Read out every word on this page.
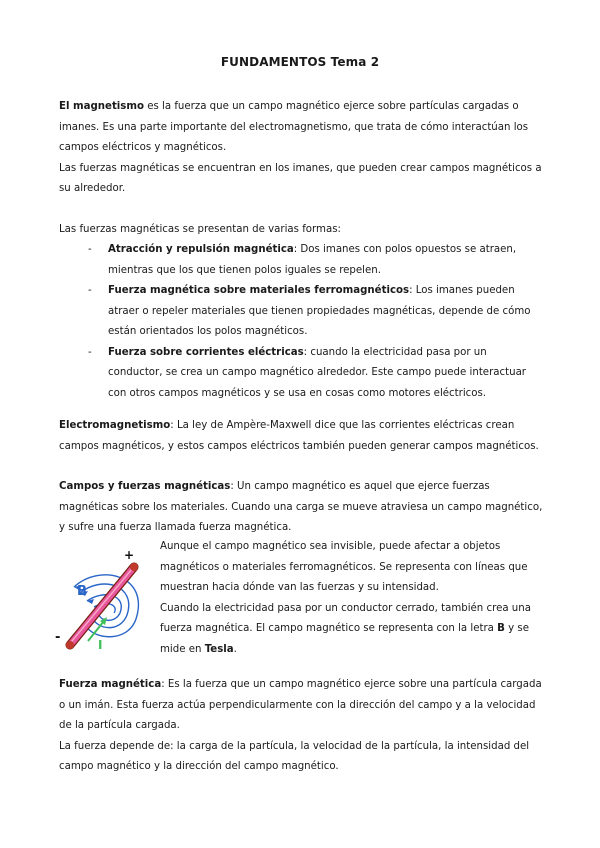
FUNDAMENTOS Tema 2
El magnetismo es la fuerza que un campo magnético ejerce sobre partículas cargadas o imanes. Es una parte importante del electromagnetismo, que trata de cómo interactúan los campos eléctricos y magnéticos.
Las fuerzas magnéticas se encuentran en los imanes, que pueden crear campos magnéticos a su alrededor.
Las fuerzas magnéticas se presentan de varias formas:
- Atracción y repulsión magnética: Dos imanes con polos opuestos se atraen, mientras que los que tienen polos iguales se repelen.
- Fuerza magnética sobre materiales ferromagnéticos: Los imanes pueden atraer o repeler materiales que tienen propiedades magnéticas, depende de cómo están orientados los polos magnéticos.
- Fuerza sobre corrientes eléctricas: cuando la electricidad pasa por un conductor, se crea un campo magnético alrededor. Este campo puede interactuar con otros campos magnéticos y se usa en cosas como motores eléctricos.
Electromagnetismo: La ley de Ampère-Maxwell dice que las corrientes eléctricas crean campos magnéticos, y estos campos eléctricos también pueden generar campos magnéticos.
Campos y fuerzas magnéticas: Un campo magnético es aquel que ejerce fuerzas magnéticas sobre los materiales. Cuando una carga se mueve atraviesa un campo magnético, y sufre una fuerza llamada fuerza magnética.
B
I
+
-
Aunque el campo magnético sea invisible, puede afectar a objetos magnéticos o materiales ferromagnéticos. Se representa con líneas que muestran hacia dónde van las fuerzas y su intensidad.
Cuando la electricidad pasa por un conductor cerrado, también crea una fuerza magnética. El campo magnético se representa con la letra B y se mide en Tesla.
Fuerza magnética: Es la fuerza que un campo magnético ejerce sobre una partícula cargada o un imán. Esta fuerza actúa perpendicularmente con la dirección del campo y a la velocidad de la partícula cargada.
La fuerza depende de: la carga de la partícula, la velocidad de la partícula, la intensidad del campo magnético y la dirección del campo magnético.
